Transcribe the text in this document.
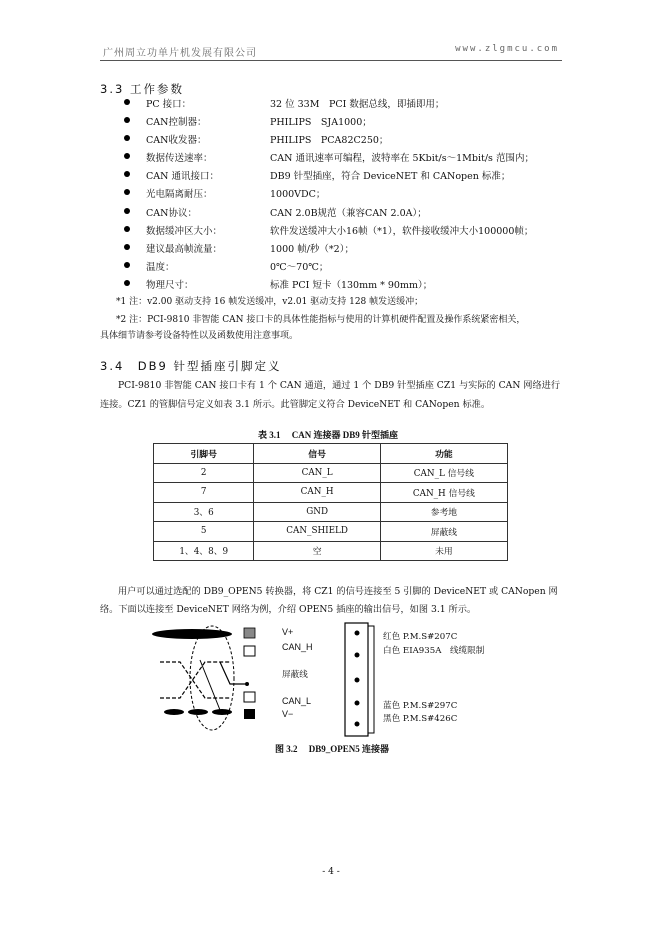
广州周立功单片机发展有限公司	www.zlgmcu.com
3.3 工作参数
PC 接口：	32 位 33M　PCI 数据总线，即插即用；
CAN控制器：	PHILIPS　SJA1000；
CAN收发器：	PHILIPS　PCA82C250；
数据传送速率：	CAN 通讯速率可编程，波特率在 5Kbit/s～1Mbit/s 范围内；
CAN 通讯接口：	DB9 针型插座，符合 DeviceNET 和 CANopen 标准；
光电隔离耐压：	1000VDC；
CAN协议：	CAN 2.0B规范（兼容CAN 2.0A）；
数据缓冲区大小：	软件发送缓冲大小16帧（*1），软件接收缓冲大小100000帧；
建议最高帧流量：	1000 帧/秒（*2）；
温度：	0℃～70℃；
物理尺寸：	标准 PCI 短卡（130mm * 90mm）；
*1 注：v2.00 驱动支持 16 帧发送缓冲，v2.01 驱动支持 128 帧发送缓冲；
*2 注：PCI-9810 非智能 CAN 接口卡的具体性能指标与使用的计算机硬件配置及操作系统紧密相关，
具体细节请参考设备特性以及函数使用注意事项。
3.4　DB9 针型插座引脚定义
PCI-9810 非智能 CAN 接口卡有 1 个 CAN 通道，通过 1 个 DB9 针型插座 CZ1 与实际的 CAN 网络进行
连接。CZ1 的管脚信号定义如表 3.1 所示。此管脚定义符合 DeviceNET 和 CANopen 标准。
表 3.1　 CAN 连接器 DB9 针型插座
引脚号	信号	功能
2	CAN_L	CAN_L 信号线
7	CAN_H	CAN_H 信号线
3、6	GND	参考地
5	CAN_SHIELD	屏蔽线
1、4、8、9	空	未用
用户可以通过选配的 DB9_OPEN5 转换器，将 CZ1 的信号连接至 5 引脚的 DeviceNET 或 CANopen 网
络。下面以连接至 DeviceNET 网络为例，介绍 OPEN5 插座的输出信号，如图 3.1 所示。
V+
CAN_H
屏蔽线
CAN_L
V−
红色 P.M.S#207C
白色 EIA935A　线缆限制
蓝色 P.M.S#297C
黑色 P.M.S#426C
图 3.2　 DB9_OPEN5 连接器
- 4 -
